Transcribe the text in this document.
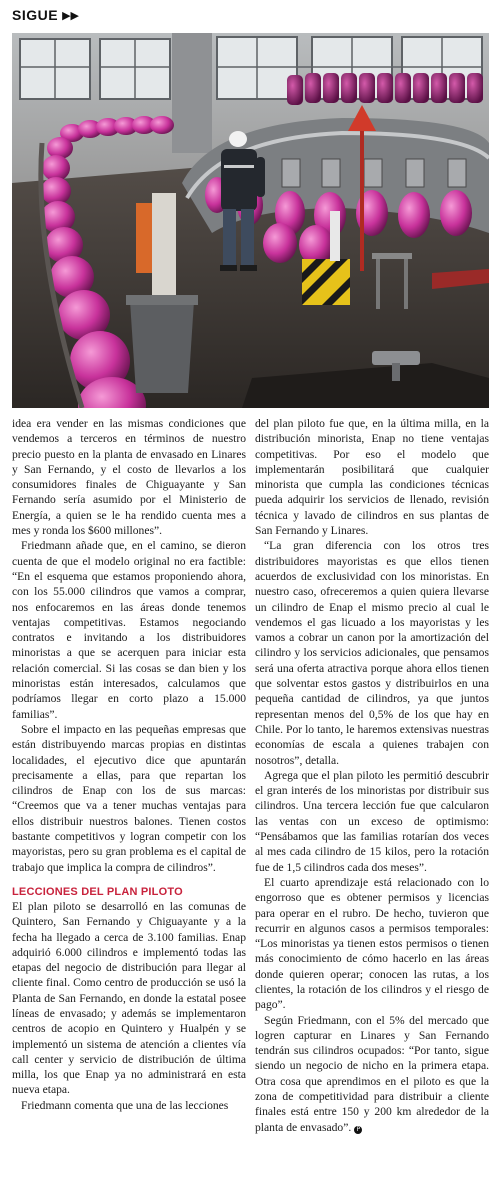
SIGUE ▶▶

idea era vender en las mismas condiciones que vendemos a terceros en términos de nuestro precio puesto en la planta de envasado en Linares y San Fernando, y el costo de llevarlos a los consumidores finales de Chiguayante y San Fernando sería asumido por el Ministerio de Energía, a quien se le ha rendido cuenta mes a mes y ronda los $600 millones”.

Friedmann añade que, en el camino, se dieron cuenta de que el modelo original no era factible: “En el esquema que estamos proponiendo ahora, con los 55.000 cilindros que vamos a comprar, nos enfocaremos en las áreas donde tenemos ventajas competitivas. Estamos negociando contratos e invitando a los distribuidores minoristas a que se acerquen para iniciar esta relación comercial. Si las cosas se dan bien y los minoristas están interesados, calculamos que podríamos llegar en corto plazo a 15.000 familias”.

Sobre el impacto en las pequeñas empresas que están distribuyendo marcas propias en distintas localidades, el ejecutivo dice que apuntarán precisamente a ellas, para que repartan los cilindros de Enap con los de sus marcas: “Creemos que va a tener muchas ventajas para ellos distribuir nuestros balones. Tienen costos bastante competitivos y logran competir con los mayoristas, pero su gran problema es el capital de trabajo que implica la compra de cilindros”.

LECCIONES DEL PLAN PILOTO

El plan piloto se desarrolló en las comunas de Quintero, San Fernando y Chiguayante y a la fecha ha llegado a cerca de 3.100 familias. Enap adquirió 6.000 cilindros e implementó todas las etapas del negocio de distribución para llegar al cliente final. Como centro de producción se usó la Planta de San Fernando, en donde la estatal posee líneas de envasado; y además se implementaron centros de acopio en Quintero y Hualpén y se implementó un sistema de atención a clientes vía call center y servicio de distribución de última milla, los que Enap ya no administrará en esta nueva etapa.

Friedmann comenta que una de las lecciones

del plan piloto fue que, en la última milla, en la distribución minorista, Enap no tiene ventajas competitivas. Por eso el modelo que implementarán posibilitará que cualquier minorista que cumpla las condiciones técnicas pueda adquirir los servicios de llenado, revisión técnica y lavado de cilindros en sus plantas de San Fernando y Linares.

“La gran diferencia con los otros tres distribuidores mayoristas es que ellos tienen acuerdos de exclusividad con los minoristas. En nuestro caso, ofreceremos a quien quiera llevarse un cilindro de Enap el mismo precio al cual le vendemos el gas licuado a los mayoristas y les vamos a cobrar un canon por la amortización del cilindro y los servicios adicionales, que pensamos será una oferta atractiva porque ahora ellos tienen que solventar estos gastos y distribuirlos en una pequeña cantidad de cilindros, ya que juntos representan menos del 0,5% de los que hay en Chile. Por lo tanto, le haremos extensivas nuestras economías de escala a quienes trabajen con nosotros”, detalla.

Agrega que el plan piloto les permitió descubrir el gran interés de los minoristas por distribuir sus cilindros. Una tercera lección fue que calcularon las ventas con un exceso de optimismo: “Pensábamos que las familias rotarían dos veces al mes cada cilindro de 15 kilos, pero la rotación fue de 1,5 cilindros cada dos meses”.

El cuarto aprendizaje está relacionado con lo engorroso que es obtener permisos y licencias para operar en el rubro. De hecho, tuvieron que recurrir en algunos casos a permisos temporales: “Los minoristas ya tienen estos permisos o tienen más conocimiento de cómo hacerlo en las áreas donde quieren operar; conocen las rutas, a los clientes, la rotación de los cilindros y el riesgo de pago”.

Según Friedmann, con el 5% del mercado que logren capturar en Linares y San Fernando tendrán sus cilindros ocupados: “Por tanto, sigue siendo un negocio de nicho en la primera etapa. Otra cosa que aprendimos en el piloto es que la zona de competitividad para distribuir a cliente finales está entre 150 y 200 km alrededor de la planta de envasado”. P
